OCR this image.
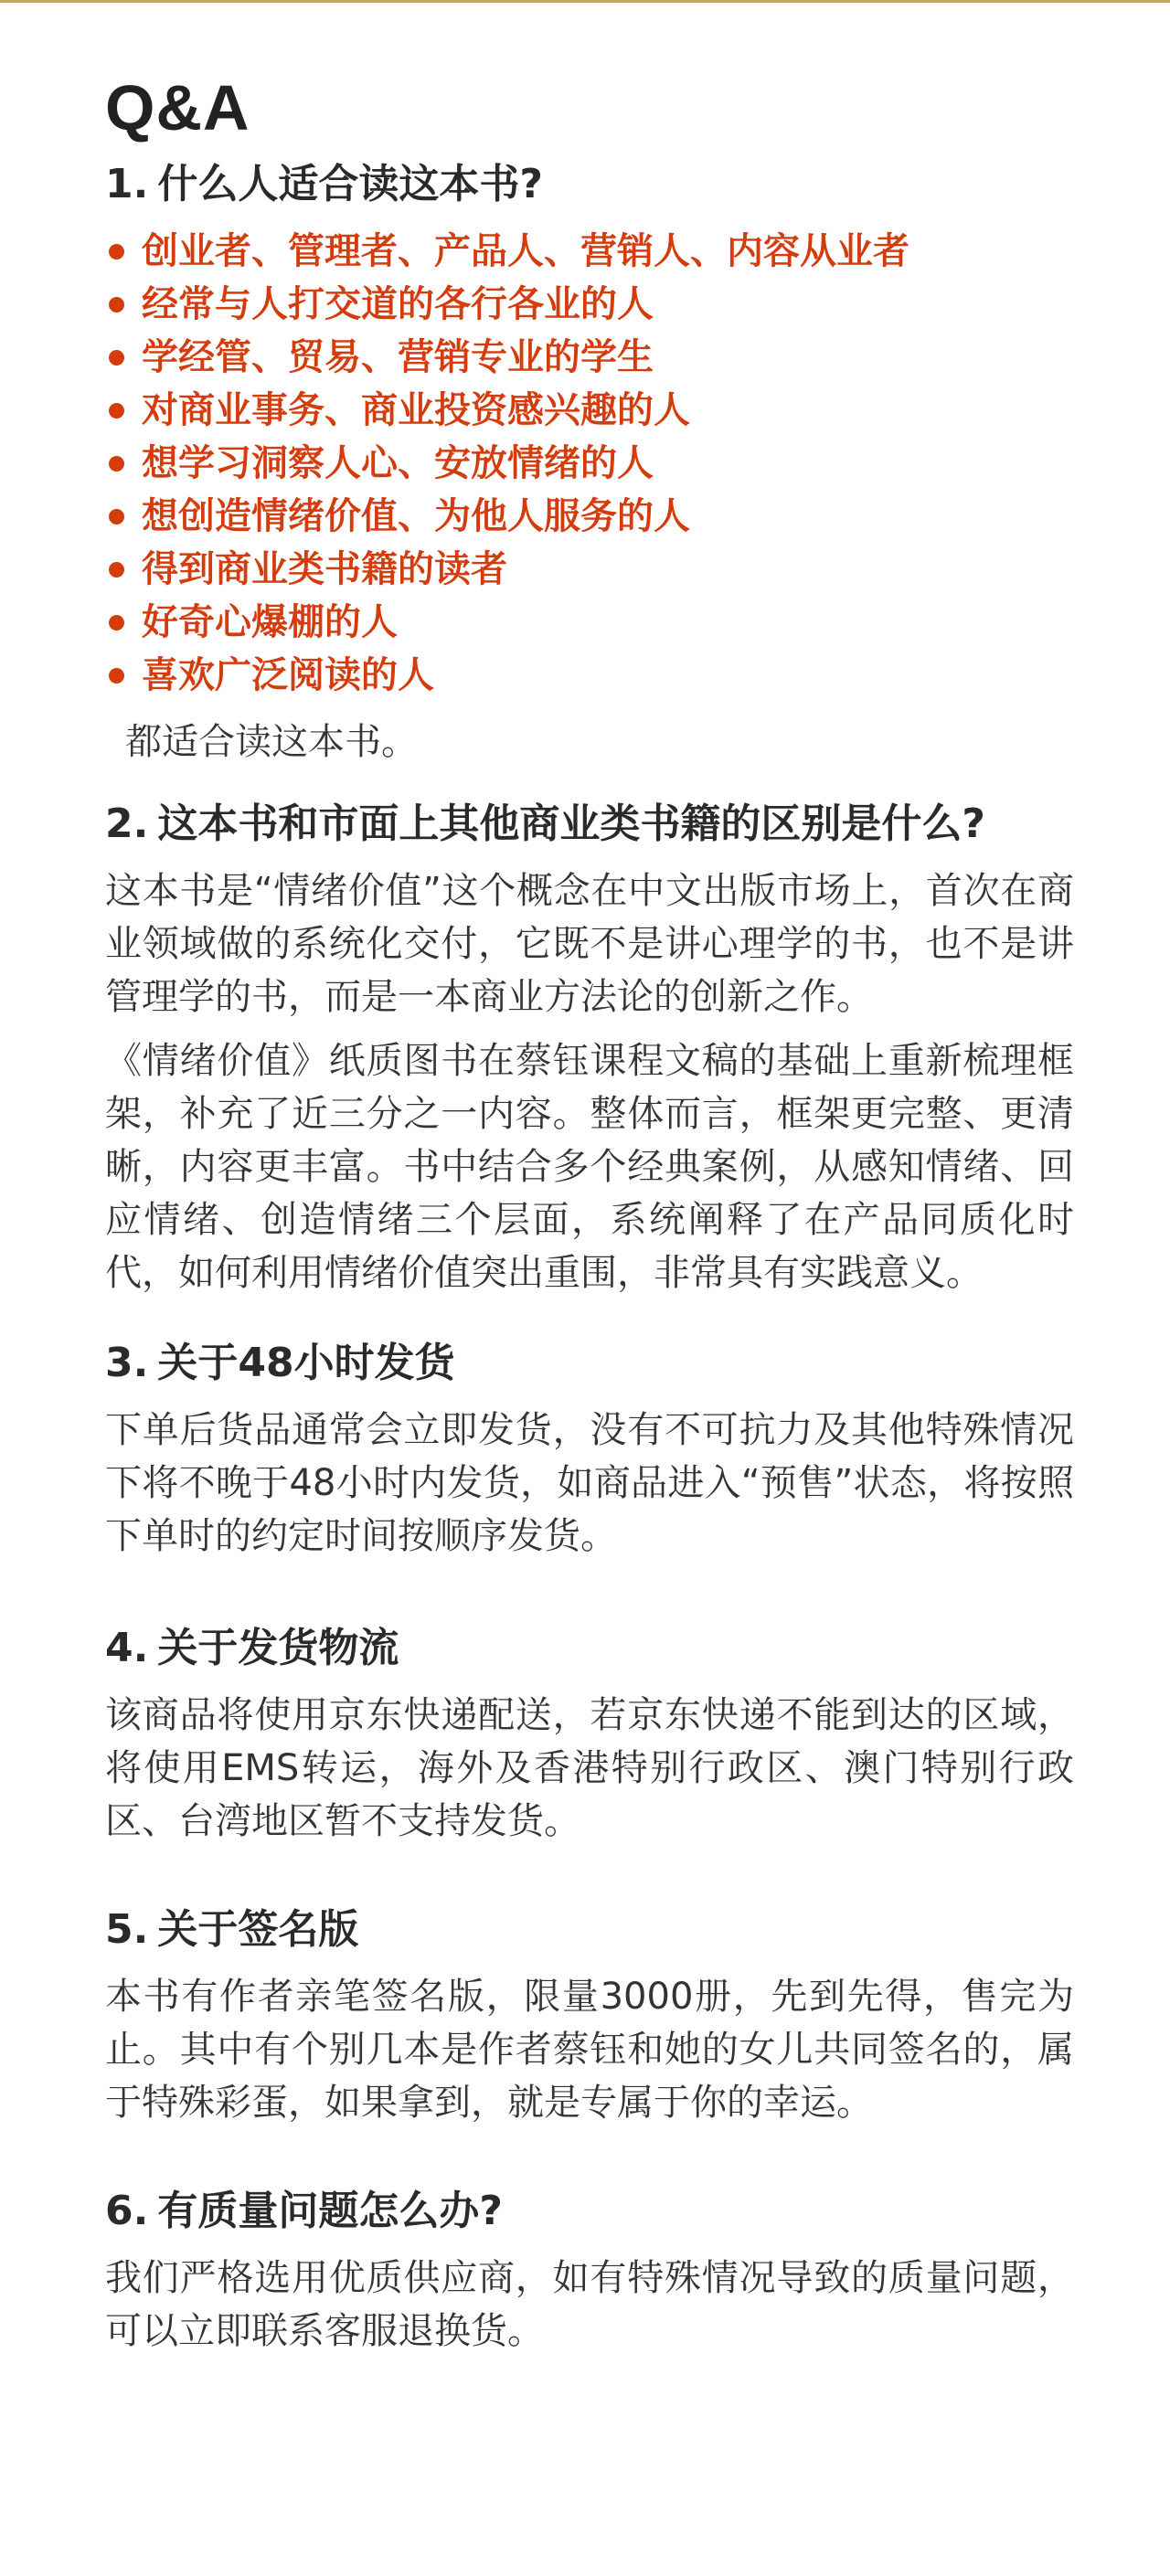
Q&A
1. 什么人适合读这本书?
创业者、管理者、产品人、营销人、内容从业者
经常与人打交道的各行各业的人
学经管、贸易、营销专业的学生
对商业事务、商业投资感兴趣的人
想学习洞察人心、安放情绪的人
想创造情绪价值、为他人服务的人
得到商业类书籍的读者
好奇心爆棚的人
喜欢广泛阅读的人

都适合读这本书。

2. 这本书和市面上其他商业类书籍的区别是什么?

这本书是“情绪价值”这个概念在中文出版市场上，首次在商业领域做的系统化交付，它既不是讲心理学的书，也不是讲管理学的书，而是一本商业方法论的创新之作。

《情绪价值》纸质图书在蔡钰课程文稿的基础上重新梳理框架，补充了近三分之一内容。整体而言，框架更完整、更清晰，内容更丰富。书中结合多个经典案例，从感知情绪、回应情绪、创造情绪三个层面，系统阐释了在产品同质化时代，如何利用情绪价值突出重围，非常具有实践意义。

3. 关于48小时发货

下单后货品通常会立即发货，没有不可抗力及其他特殊情况下将不晚于48小时内发货，如商品进入“预售”状态，将按照下单时的约定时间按顺序发货。

4. 关于发货物流

该商品将使用京东快递配送，若京东快递不能到达的区域，将使用EMS转运，海外及香港特别行政区、澳门特别行政区、台湾地区暂不支持发货。

5. 关于签名版

本书有作者亲笔签名版，限量3000册，先到先得，售完为止。其中有个别几本是作者蔡钰和她的女儿共同签名的，属于特殊彩蛋，如果拿到，就是专属于你的幸运。

6. 有质量问题怎么办?

我们严格选用优质供应商，如有特殊情况导致的质量问题，可以立即联系客服退换货。
